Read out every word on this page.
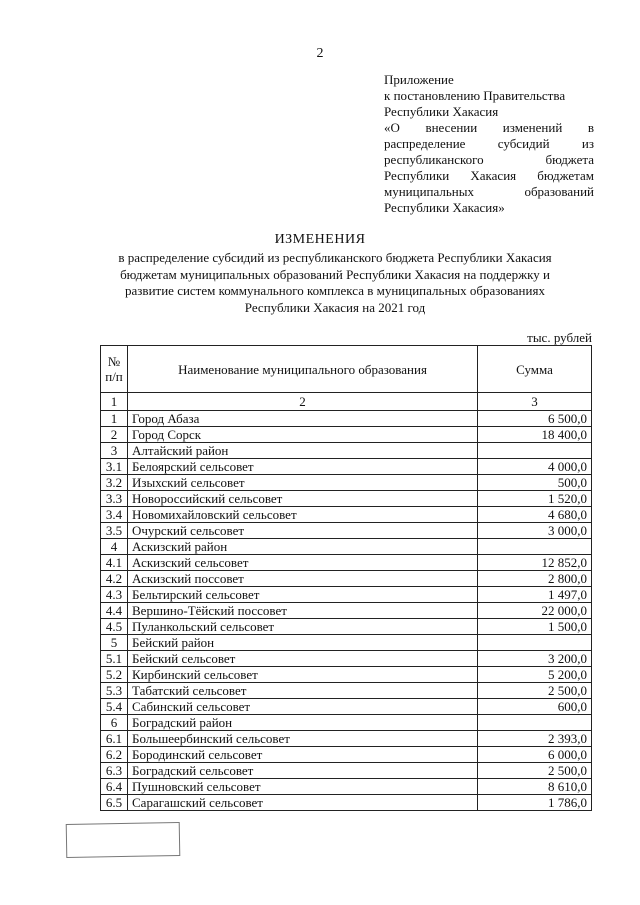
2
Приложение
к постановлению Правительства
Республики Хакасия
«О внесении изменений в
распределение субсидий из
республиканского бюджета
Республики Хакасия бюджетам
муниципальных образований
Республики Хакасия»
ИЗМЕНЕНИЯ
в распределение субсидий из республиканского бюджета Республики Хакасия бюджетам муниципальных образований Республики Хакасия на поддержку и развитие систем коммунального комплекса в муниципальных образованиях Республики Хакасия на 2021 год
тыс. рублей
№ п/п	Наименование муниципального образования	Сумма
1	2	3
1	Город Абаза	6 500,0
2	Город Сорск	18 400,0
3	Алтайский район	
3.1	Белоярский сельсовет	4 000,0
3.2	Изыхский сельсовет	500,0
3.3	Новороссийский сельсовет	1 520,0
3.4	Новомихайловский сельсовет	4 680,0
3.5	Очурский сельсовет	3 000,0
4	Аскизский район	
4.1	Аскизский сельсовет	12 852,0
4.2	Аскизский поссовет	2 800,0
4.3	Бельтирский сельсовет	1 497,0
4.4	Вершино-Тёйский поссовет	22 000,0
4.5	Пуланкольский сельсовет	1 500,0
5	Бейский район	
5.1	Бейский сельсовет	3 200,0
5.2	Кирбинский сельсовет	5 200,0
5.3	Табатский сельсовет	2 500,0
5.4	Сабинский сельсовет	600,0
6	Боградский район	
6.1	Большеербинский сельсовет	2 393,0
6.2	Бородинский сельсовет	6 000,0
6.3	Боградский сельсовет	2 500,0
6.4	Пушновский сельсовет	8 610,0
6.5	Сарагашский сельсовет	1 786,0
